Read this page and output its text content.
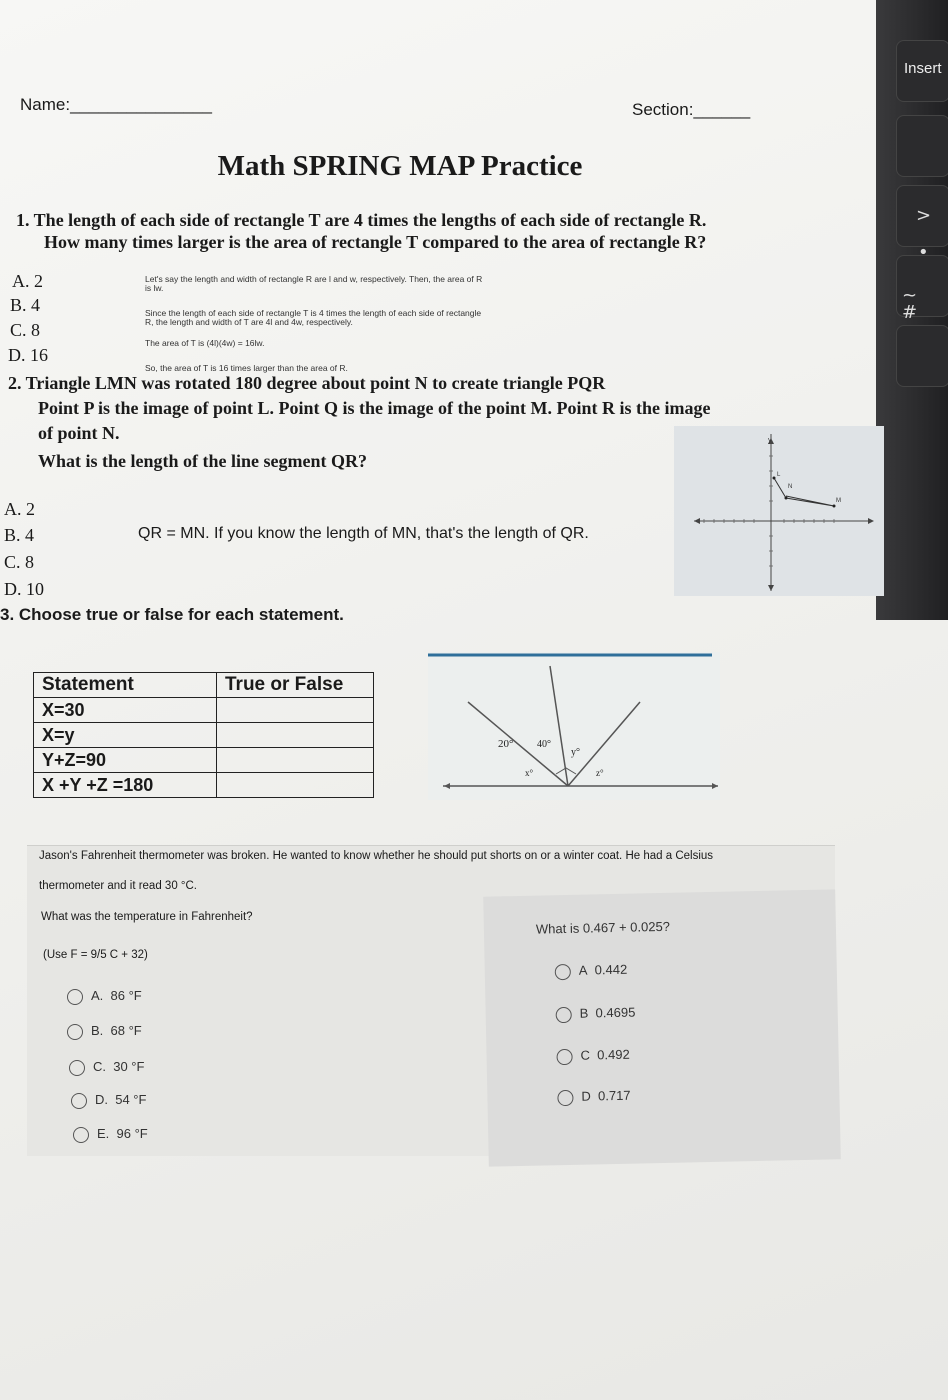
Insert
>
•
~
#
Name:_______________	Section:______
Math SPRING MAP Practice
1. The length of each side of rectangle T are 4 times the lengths of each side of rectangle R.
How many times larger is the area of rectangle T compared to the area of rectangle R?
A. 2
B. 4
C. 8
D. 16
Let's say the length and width of rectangle R are l and w, respectively. Then, the area of R
is lw.
Since the length of each side of rectangle T is 4 times the length of each side of rectangle
R, the length and width of T are 4l and 4w, respectively.
The area of T is (4l)(4w) = 16lw.
So, the area of T is 16 times larger than the area of R.
2. Triangle LMN was rotated 180 degree about point N to create triangle PQR
Point P is the image of point L. Point Q is the image of the point M. Point R is the image
of point N.
What is the length of the line segment QR?
A. 2
B. 4
C. 8
D. 10
QR = MN. If you know the length of MN, that's the length of QR.
y
L
N
M
3. Choose true or false for each statement.
Statement	True or False
X=30	
X=y	
Y+Z=90	
X +Y +Z =180	
20° 40°
y°
x°	z°
Jason's Fahrenheit thermometer was broken. He wanted to know whether he should put shorts on or a winter coat. He had a Celsius
thermometer and it read 30 °C.
What was the temperature in Fahrenheit?
(Use F = 9/5 C + 32)
A. 86 °F
B. 68 °F
C. 30 °F
D. 54 °F
E. 96 °F
What is 0.467 + 0.025?
A 0.442
B 0.4695
C 0.492
D 0.717
